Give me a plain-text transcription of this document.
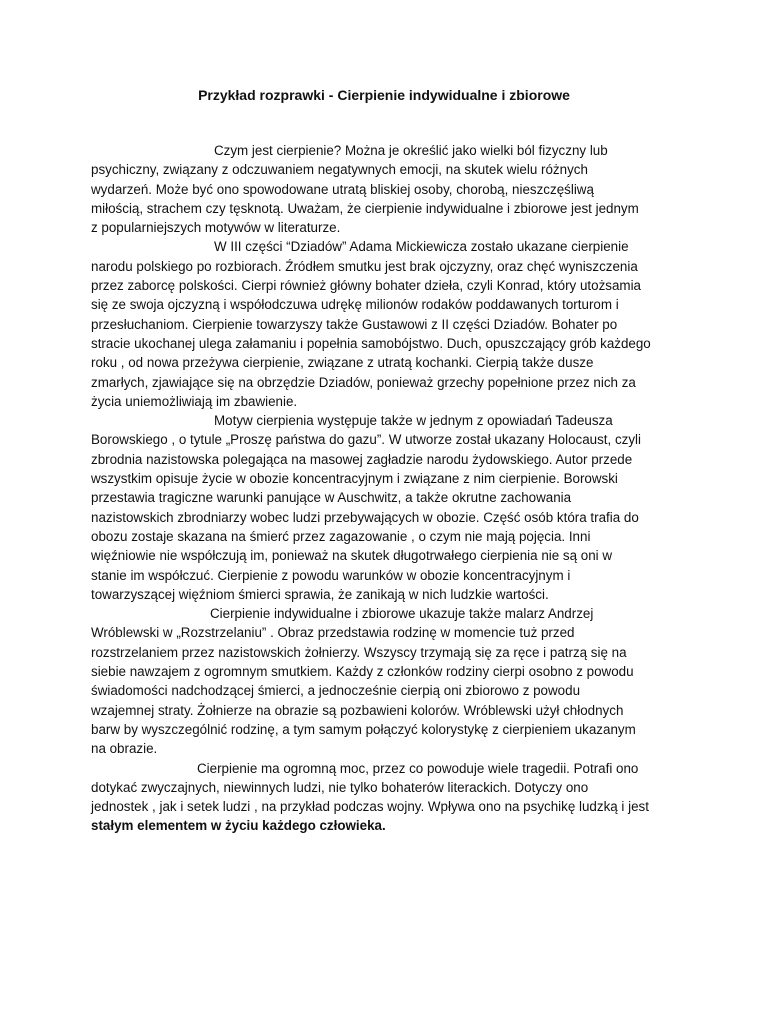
Przykład rozprawki - Cierpienie indywidualne i zbiorowe
Czym jest cierpienie? Można je określić jako wielki ból fizyczny lub
psychiczny, związany z odczuwaniem negatywnych emocji, na skutek wielu różnych
wydarzeń. Może być ono spowodowane utratą bliskiej osoby, chorobą, nieszczęśliwą
miłością, strachem czy tęsknotą. Uważam, że cierpienie indywidualne i zbiorowe jest jednym
z popularniejszych motywów w literaturze.
W III części “Dziadów” Adama Mickiewicza zostało ukazane cierpienie
narodu polskiego po rozbiorach. Źródłem smutku jest brak ojczyzny, oraz chęć wyniszczenia
przez zaborcę polskości. Cierpi również główny bohater dzieła, czyli Konrad, który utożsamia
się ze swoja ojczyzną i współodczuwa udrękę milionów rodaków poddawanych torturom i
przesłuchaniom. Cierpienie towarzyszy także Gustawowi z II części Dziadów. Bohater po
stracie ukochanej ulega załamaniu i popełnia samobójstwo. Duch, opuszczający grób każdego
roku , od nowa przeżywa cierpienie, związane z utratą kochanki. Cierpią także dusze
zmarłych, zjawiające się na obrzędzie Dziadów, ponieważ grzechy popełnione przez nich za
życia uniemożliwiają im zbawienie.
Motyw cierpienia występuje także w jednym z opowiadań Tadeusza
Borowskiego , o tytule „Proszę państwa do gazu”. W utworze został ukazany Holocaust, czyli
zbrodnia nazistowska polegająca na masowej zagładzie narodu żydowskiego. Autor przede
wszystkim opisuje życie w obozie koncentracyjnym i związane z nim cierpienie. Borowski
przestawia tragiczne warunki panujące w Auschwitz, a także okrutne zachowania
nazistowskich zbrodniarzy wobec ludzi przebywających w obozie. Część osób która trafia do
obozu zostaje skazana na śmierć przez zagazowanie , o czym nie mają pojęcia. Inni
więźniowie nie współczują im, ponieważ na skutek długotrwałego cierpienia nie są oni w
stanie im współczuć. Cierpienie z powodu warunków w obozie koncentracyjnym i
towarzyszącej więźniom śmierci sprawia, że zanikają w nich ludzkie wartości.
Cierpienie indywidualne i zbiorowe ukazuje także malarz Andrzej
Wróblewski w „Rozstrzelaniu” . Obraz przedstawia rodzinę w momencie tuż przed
rozstrzelaniem przez nazistowskich żołnierzy. Wszyscy trzymają się za ręce i patrzą się na
siebie nawzajem z ogromnym smutkiem. Każdy z członków rodziny cierpi osobno z powodu
świadomości nadchodzącej śmierci, a jednocześnie cierpią oni zbiorowo z powodu
wzajemnej straty. Żołnierze na obrazie są pozbawieni kolorów. Wróblewski użył chłodnych
barw by wyszczególnić rodzinę, a tym samym połączyć kolorystykę z cierpieniem ukazanym
na obrazie.
Cierpienie ma ogromną moc, przez co powoduje wiele tragedii. Potrafi ono
dotykać zwyczajnych, niewinnych ludzi, nie tylko bohaterów literackich. Dotyczy ono
jednostek , jak i setek ludzi , na przykład podczas wojny. Wpływa ono na psychikę ludzką i jest
stałym elementem w życiu każdego człowieka.
